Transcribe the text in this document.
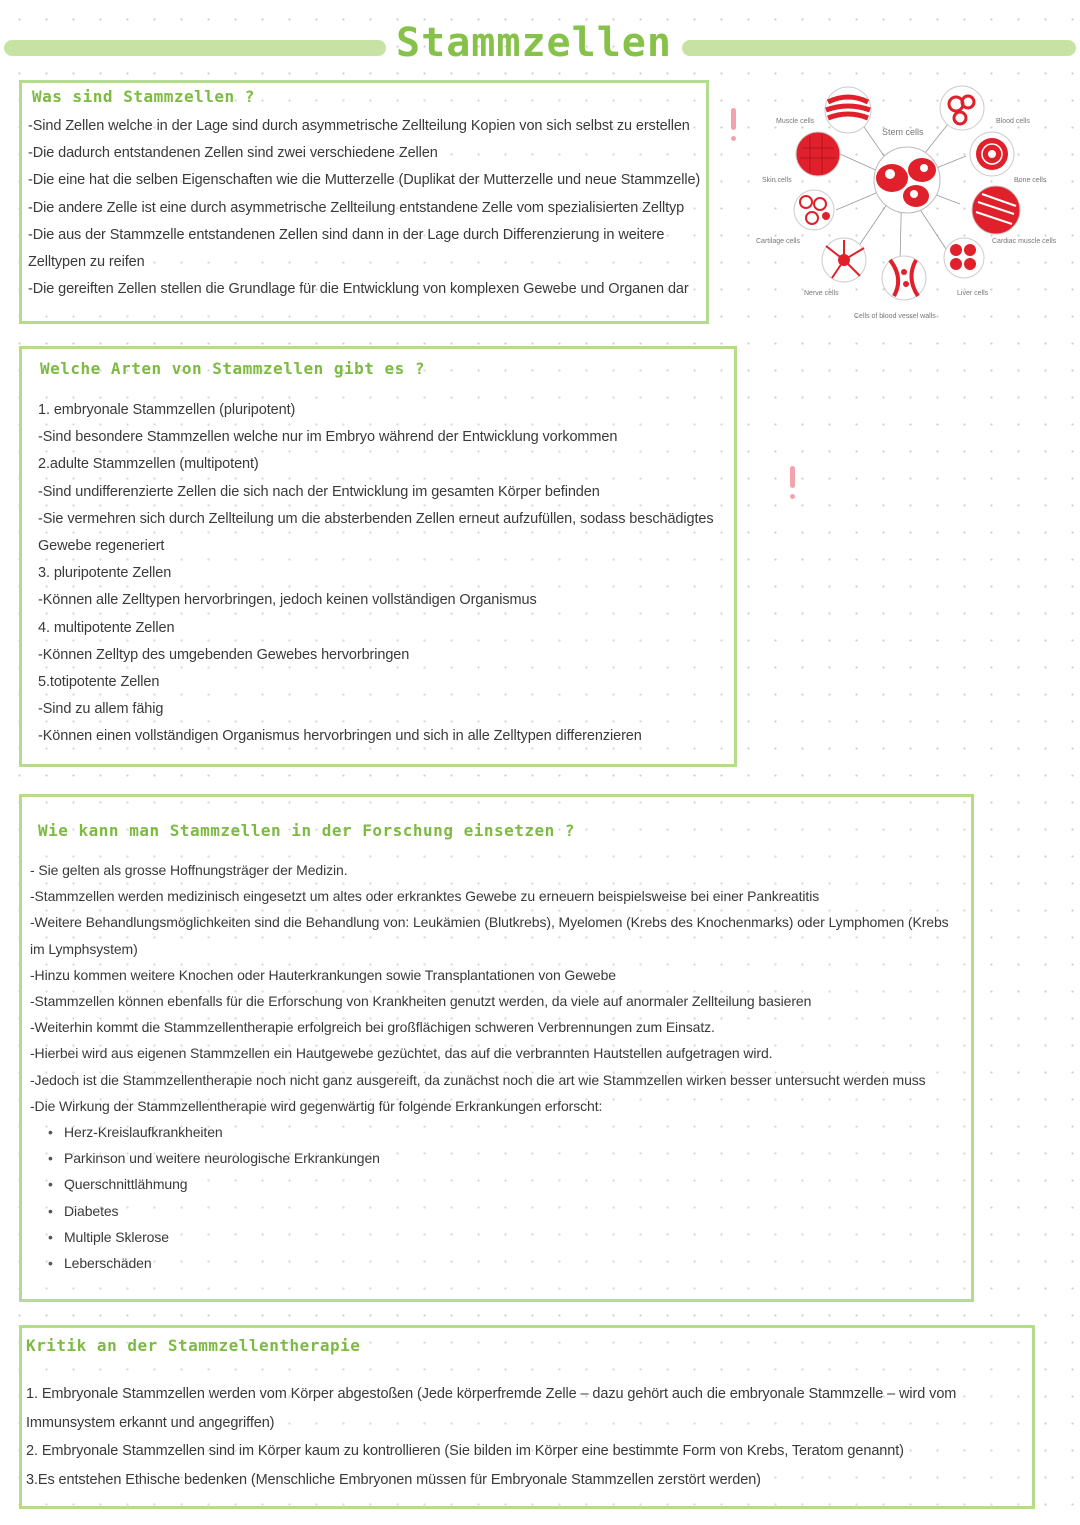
Stammzellen
Was sind Stammzellen ?
-Sind Zellen welche in der Lage sind durch asymmetrische Zellteilung Kopien von sich selbst zu erstellen
-Die dadurch entstandenen Zellen sind zwei verschiedene Zellen
-Die eine hat die selben Eigenschaften wie die Mutterzelle (Duplikat der Mutterzelle und neue Stammzelle)
-Die andere Zelle ist eine durch asymmetrische Zellteilung entstandene Zelle vom spezialisierten Zelltyp
-Die aus der Stammzelle entstandenen Zellen sind dann in der Lage durch Differenzierung in weitere
Zelltypen zu reifen
-Die gereiften Zellen stellen die Grundlage für die Entwicklung von komplexen Gewebe und Organen dar
Stem cells
Muscle cells
Skin cells
Cartilage cells
Nerve cells
Cells of blood vessel walls
Liver cells
Cardiac muscle cells
Bone cells
Blood cells
Welche Arten von Stammzellen gibt es ?
1. embryonale Stammzellen (pluripotent)
-Sind besondere Stammzellen welche nur im Embryo während der Entwicklung vorkommen
2.adulte Stammzellen (multipotent)
-Sind undifferenzierte Zellen die sich nach der Entwicklung im gesamten Körper befinden
-Sie vermehren sich durch Zellteilung um die absterbenden Zellen erneut aufzufüllen, sodass beschädigtes
Gewebe regeneriert
3. pluripotente Zellen
-Können alle Zelltypen hervorbringen, jedoch keinen vollständigen Organismus
4. multipotente Zellen
-Können Zelltyp des umgebenden Gewebes hervorbringen
5.totipotente Zellen
-Sind zu allem fähig
-Können einen vollständigen Organismus hervorbringen und sich in alle Zelltypen differenzieren
Wie kann man Stammzellen in der Forschung einsetzen ?
- Sie gelten als grosse Hoffnungsträger der Medizin.
-Stammzellen werden medizinisch eingesetzt um altes oder erkranktes Gewebe zu erneuern beispielsweise bei einer Pankreatitis
-Weitere Behandlungsmöglichkeiten sind die Behandlung von: Leukämien (Blutkrebs), Myelomen (Krebs des Knochenmarks) oder Lymphomen (Krebs
im Lymphsystem)
-Hinzu kommen weitere Knochen oder Hauterkrankungen sowie Transplantationen von Gewebe
-Stammzellen können ebenfalls für die Erforschung von Krankheiten genutzt werden, da viele auf anormaler Zellteilung basieren
-Weiterhin kommt die Stammzellentherapie erfolgreich bei großflächigen schweren Verbrennungen zum Einsatz.
-Hierbei wird aus eigenen Stammzellen ein Hautgewebe gezüchtet, das auf die verbrannten Hautstellen aufgetragen wird.
-Jedoch ist die Stammzellentherapie noch nicht ganz ausgereift, da zunächst noch die art wie Stammzellen wirken besser untersucht werden muss
-Die Wirkung der Stammzellentherapie wird gegenwärtig für folgende Erkrankungen erforscht:
• Herz-Kreislaufkrankheiten
• Parkinson und weitere neurologische Erkrankungen
• Querschnittlähmung
• Diabetes
• Multiple Sklerose
• Leberschäden
Kritik an der Stammzellentherapie
1. Embryonale Stammzellen werden vom Körper abgestoßen (Jede körperfremde Zelle – dazu gehört auch die embryonale Stammzelle – wird vom
Immunsystem erkannt und angegriffen)
2. Embryonale Stammzellen sind im Körper kaum zu kontrollieren (Sie bilden im Körper eine bestimmte Form von Krebs, Teratom genannt)
3.Es entstehen Ethische bedenken (Menschliche Embryonen müssen für Embryonale Stammzellen zerstört werden)
